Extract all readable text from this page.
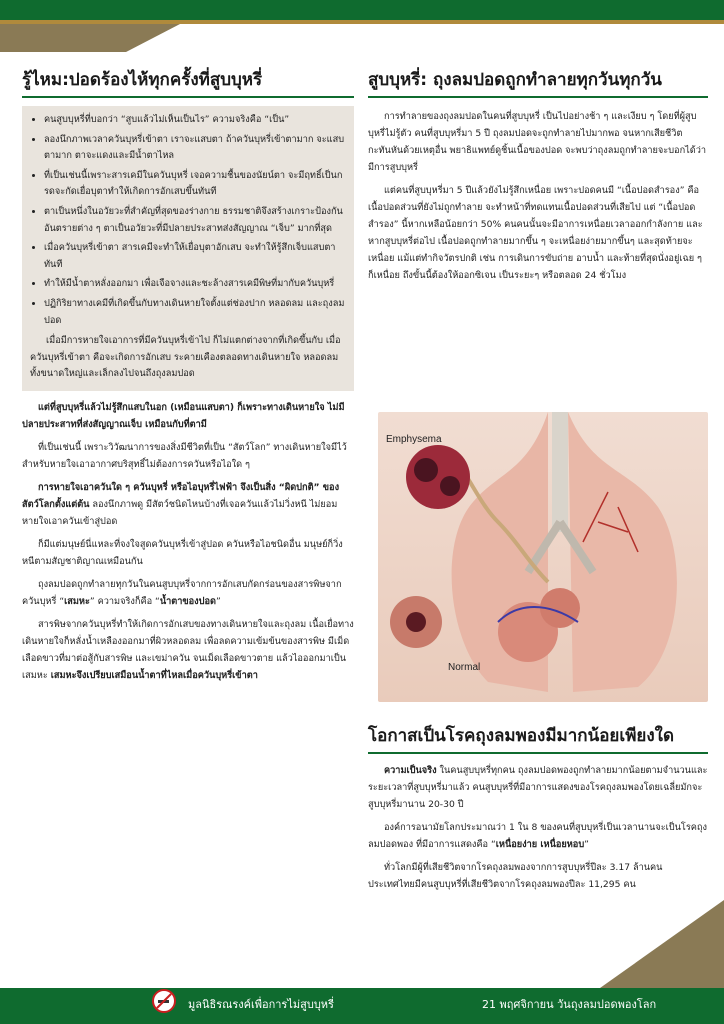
รู้ไหม:ปอดร้องไห้ทุกครั้งที่สูบบุหรี่
• คนสูบบุหรี่ที่บอกว่า “สูบแล้วไม่เห็นเป็นไร” ความจริงคือ “เป็น”
• ลองนึกภาพเวลาควันบุหรี่เข้าตา เราจะแสบตา ถ้าควันบุหรี่เข้าตามาก จะแสบตามาก ตาจะแดงและมีน้ำตาไหล
• ที่เป็นเช่นนี้เพราะสารเคมีในควันบุหรี่ เจอความชื้นของนัยน์ตา จะมีฤทธิ์เป็นกรดจะกัดเยื่อบุตาทำให้เกิดการอักเสบขึ้นทันที
• ตาเป็นหนึ่งในอวัยวะที่สำคัญที่สุดของร่างกาย ธรรมชาติจึงสร้างเกราะป้องกันอันตรายต่าง ๆ ตาเป็นอวัยวะที่มีปลายประสาทส่งสัญญาณ “เจ็บ” มากที่สุด
• เมื่อควันบุหรี่เข้าตา สารเคมีจะทำให้เยื่อบุตาอักเสบ จะทำให้รู้สึกเจ็บแสบตาทันที
• ทำให้มีน้ำตาหลั่งออกมา เพื่อเจือจางและชะล้างสารเคมีพิษที่มากับควันบุหรี่
• ปฏิกิริยาทางเคมีที่เกิดขึ้นกับทางเดินหายใจตั้งแต่ช่องปาก หลอดลม และถุงลมปอด

เมื่อมีการหายใจเอาการที่มีควันบุหรี่เข้าไป ก็ไม่แตกต่างจากที่เกิดขึ้นกับ เมื่อควันบุหรี่เข้าตา คือจะเกิดการอักเสบ ระคายเคืองตลอดทางเดินหายใจ หลอดลม ทั้งขนาดใหญ่และเล็กลงไปจนถึงถุงลมปอด

แต่ที่สูบบุหรี่แล้วไม่รู้สึกแสบในอก (เหมือนแสบตา) ก็เพราะทางเดินหายใจ ไม่มีปลายประสาทที่ส่งสัญญาณเจ็บ เหมือนกับที่ตามี

ที่เป็นเช่นนี้ เพราะวิวัฒนาการของสิ่งมีชีวิตที่เป็น “สัตว์โลก” ทางเดินหายใจมีไว้สำหรับหายใจเอาอากาศบริสุทธิ์ไม่ต้องการควันหรือไอใด ๆ

การหายใจเอาควันใด ๆ ควันบุหรี่ หรือไอบุหรี่ไฟฟ้า จึงเป็นสิ่ง “ผิดปกติ” ของสัตว์โลกตั้งแต่ต้น ลองนึกภาพดู มีสัตว์ชนิดไหนบ้างที่เจอควันแล้วไม่วิ่งหนี ไม่ยอมหายใจเอาควันเข้าสู่ปอด

ก็มีแต่มนุษย์นี่แหละที่จงใจสูดควันบุหรี่เข้าสู่ปอด ควันหรือไอชนิดอื่น มนุษย์ก็วิ่งหนีตามสัญชาติญาณเหมือนกัน

ถุงลมปอดถูกทำลายทุกวันในคนสูบบุหรี่จากการอักเสบกัดกร่อนของสารพิษจากควันบุหรี่ “เสมหะ” ความจริงก็คือ “น้ำตาของปอด”

สารพิษจากควันบุหรี่ทำให้เกิดการอักเสบของทางเดินหายใจและถุงลม เนื้อเยื่อทางเดินหายใจก็หลั่งน้ำเหลืองออกมาที่ผิวหลอดลม เพื่อลดความเข้มข้นของสารพิษ มีเม็ดเลือดขาวที่มาต่อสู้กับสารพิษ และเขม่าควัน จนเม็ดเลือดขาวตาย แล้วไอออกมาเป็นเสมหะ เสมหะจึงเปรียบเสมือนน้ำตาที่ไหลเมื่อควันบุหรี่เข้าตา

สูบบุหรี่: ถุงลมปอดถูกทำลายทุกวันทุกวัน

การทำลายของถุงลมปอดในคนที่สูบบุหรี่ เป็นไปอย่างช้า ๆ และเงียบ ๆ โดยที่ผู้สูบบุหรี่ไม่รู้ตัว คนที่สูบบุหรี่มา 5 ปี ถุงลมปอดจะถูกทำลายไปมากพอ จนหากเสียชีวิตกะทันหันด้วยเหตุอื่น พยาธิแพทย์ดูชิ้นเนื้อของปอด จะพบว่าถุงลมถูกทำลายจะบอกได้ว่ามีการสูบบุหรี่

แต่คนที่สูบบุหรี่มา 5 ปีแล้วยังไม่รู้สึกเหนื่อย เพราะปอดคนมี “เนื้อปอดสำรอง” คือเนื้อปอดส่วนที่ยังไม่ถูกทำลาย จะทำหน้าที่ทดแทนเนื้อปอดส่วนที่เสียไป แต่ “เนื้อปอดสำรอง” นี้หากเหลือน้อยกว่า 50% คนคนนั้นจะมีอาการเหนื่อยเวลาออกกำลังกาย และหากสูบบุหรี่ต่อไป เนื้อปอดถูกทำลายมากขึ้น ๆ จะเหนื่อยง่ายมากขึ้นๆ และสุดท้ายจะเหนื่อย แม้แต่ทำกิจวัตรปกติ เช่น การเดินการขับถ่าย อาบน้ำ และท้ายที่สุดนั่งอยู่เฉย ๆ ก็เหนื่อย ถึงขั้นนี้ต้องให้ออกซิเจน เป็นระยะๆ หรือตลอด 24 ชั่วโมง

Emphysema
Normal
โอกาสเป็นโรคถุงลมพองมีมากน้อยเพียงใด

ความเป็นจริง ในคนสูบบุหรี่ทุกคน ถุงลมปอดพองถูกทำลายมากน้อยตามจำนวนและระยะเวลาที่สูบบุหรี่มาแล้ว คนสูบบุหรี่ที่มีอาการแสดงของโรคถุงลมพองโดยเฉลี่ยมักจะสูบบุหรี่มานาน 20-30 ปี

องค์การอนามัยโลกประมาณว่า 1 ใน 8 ของคนที่สูบบุหรี่เป็นเวลานานจะเป็นโรคถุงลมปอดพอง ที่มีอาการแสดงคือ “เหนื่อยง่าย เหนื่อยหอบ”

ทั่วโลกมีผู้ที่เสียชีวิตจากโรคถุงลมพองจากการสูบบุหรี่ปีละ 3.17 ล้านคน ประเทศไทยมีคนสูบบุหรี่ที่เสียชีวิตจากโรคถุงลมพองปีละ 11,295 คน

มูลนิธิรณรงค์เพื่อการไม่สูบบุหรี่	21 พฤศจิกายน วันถุงลมปอดพองโลก
